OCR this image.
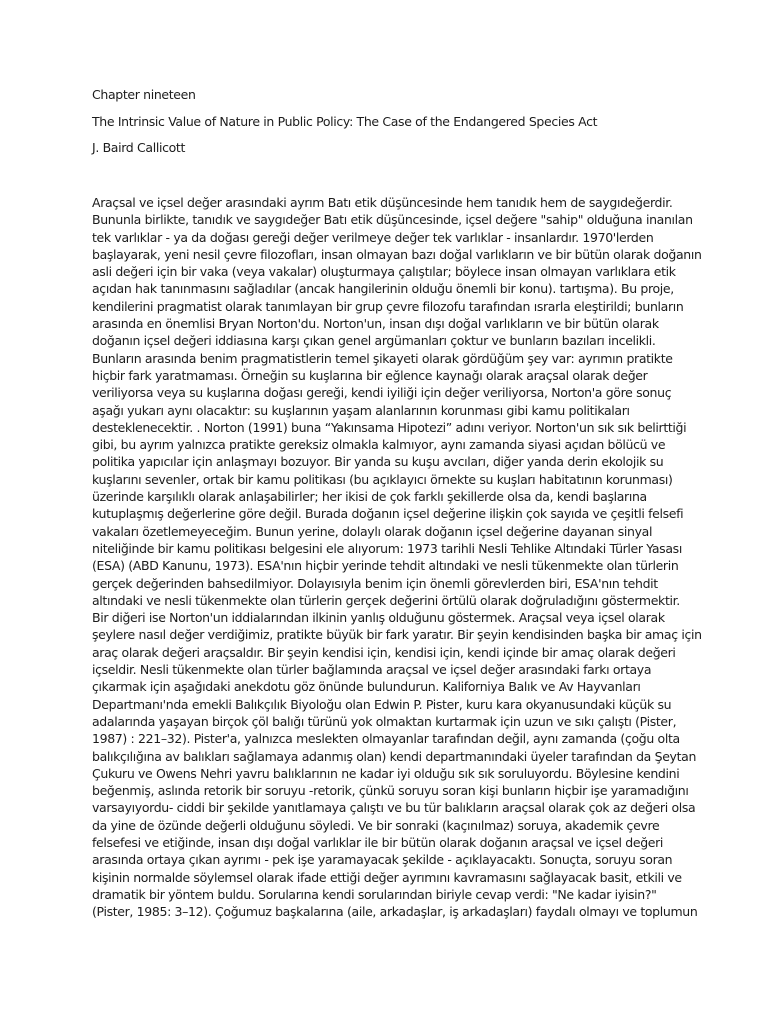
Chapter nineteen
The Intrinsic Value of Nature in Public Policy: The Case of the Endangered Species Act
J. Baird Callicott
Araçsal ve içsel değer arasındaki ayrım Batı etik düşüncesinde hem tanıdık hem de saygıdeğerdir.
Bununla birlikte, tanıdık ve saygıdeğer Batı etik düşüncesinde, içsel değere "sahip" olduğuna inanılan
tek varlıklar - ya da doğası gereği değer verilmeye değer tek varlıklar - insanlardır. 1970'lerden
başlayarak, yeni nesil çevre filozofları, insan olmayan bazı doğal varlıkların ve bir bütün olarak doğanın
asli değeri için bir vaka (veya vakalar) oluşturmaya çalıştılar; böylece insan olmayan varlıklara etik
açıdan hak tanınmasını sağladılar (ancak hangilerinin olduğu önemli bir konu). tartışma). Bu proje,
kendilerini pragmatist olarak tanımlayan bir grup çevre filozofu tarafından ısrarla eleştirildi; bunların
arasında en önemlisi Bryan Norton'du. Norton'un, insan dışı doğal varlıkların ve bir bütün olarak
doğanın içsel değeri iddiasına karşı çıkan genel argümanları çoktur ve bunların bazıları incelikli.
Bunların arasında benim pragmatistlerin temel şikayeti olarak gördüğüm şey var: ayrımın pratikte
hiçbir fark yaratmaması. Örneğin su kuşlarına bir eğlence kaynağı olarak araçsal olarak değer
veriliyorsa veya su kuşlarına doğası gereği, kendi iyiliği için değer veriliyorsa, Norton'a göre sonuç
aşağı yukarı aynı olacaktır: su kuşlarının yaşam alanlarının korunması gibi kamu politikaları
desteklenecektir. . Norton (1991) buna “Yakınsama Hipotezi” adını veriyor. Norton'un sık sık belirttiği
gibi, bu ayrım yalnızca pratikte gereksiz olmakla kalmıyor, aynı zamanda siyasi açıdan bölücü ve
politika yapıcılar için anlaşmayı bozuyor. Bir yanda su kuşu avcıları, diğer yanda derin ekolojik su
kuşlarını sevenler, ortak bir kamu politikası (bu açıklayıcı örnekte su kuşları habitatının korunması)
üzerinde karşılıklı olarak anlaşabilirler; her ikisi de çok farklı şekillerde olsa da, kendi başlarına
kutuplaşmış değerlerine göre değil. Burada doğanın içsel değerine ilişkin çok sayıda ve çeşitli felsefi
vakaları özetlemeyeceğim. Bunun yerine, dolaylı olarak doğanın içsel değerine dayanan sinyal
niteliğinde bir kamu politikası belgesini ele alıyorum: 1973 tarihli Nesli Tehlike Altındaki Türler Yasası
(ESA) (ABD Kanunu, 1973). ESA'nın hiçbir yerinde tehdit altındaki ve nesli tükenmekte olan türlerin
gerçek değerinden bahsedilmiyor. Dolayısıyla benim için önemli görevlerden biri, ESA'nın tehdit
altındaki ve nesli tükenmekte olan türlerin gerçek değerini örtülü olarak doğruladığını göstermektir.
Bir diğeri ise Norton'un iddialarından ilkinin yanlış olduğunu göstermek. Araçsal veya içsel olarak
şeylere nasıl değer verdiğimiz, pratikte büyük bir fark yaratır. Bir şeyin kendisinden başka bir amaç için
araç olarak değeri araçsaldır. Bir şeyin kendisi için, kendisi için, kendi içinde bir amaç olarak değeri
içseldir. Nesli tükenmekte olan türler bağlamında araçsal ve içsel değer arasındaki farkı ortaya
çıkarmak için aşağıdaki anekdotu göz önünde bulundurun. Kaliforniya Balık ve Av Hayvanları
Departmanı'nda emekli Balıkçılık Biyoloğu olan Edwin P. Pister, kuru kara okyanusundaki küçük su
adalarında yaşayan birçok çöl balığı türünü yok olmaktan kurtarmak için uzun ve sıkı çalıştı (Pister,
1987) : 221–32). Pister'a, yalnızca meslekten olmayanlar tarafından değil, aynı zamanda (çoğu olta
balıkçılığına av balıkları sağlamaya adanmış olan) kendi departmanındaki üyeler tarafından da Şeytan
Çukuru ve Owens Nehri yavru balıklarının ne kadar iyi olduğu sık sık soruluyordu. Böylesine kendini
beğenmiş, aslında retorik bir soruyu -retorik, çünkü soruyu soran kişi bunların hiçbir işe yaramadığını
varsayıyordu- ciddi bir şekilde yanıtlamaya çalıştı ve bu tür balıkların araçsal olarak çok az değeri olsa
da yine de özünde değerli olduğunu söyledi. Ve bir sonraki (kaçınılmaz) soruya, akademik çevre
felsefesi ve etiğinde, insan dışı doğal varlıklar ile bir bütün olarak doğanın araçsal ve içsel değeri
arasında ortaya çıkan ayrımı - pek işe yaramayacak şekilde - açıklayacaktı. Sonuçta, soruyu soran
kişinin normalde söylemsel olarak ifade ettiği değer ayrımını kavramasını sağlayacak basit, etkili ve
dramatik bir yöntem buldu. Sorularına kendi sorularından biriyle cevap verdi: "Ne kadar iyisin?"
(Pister, 1985: 3–12). Çoğumuz başkalarına (aile, arkadaşlar, iş arkadaşları) faydalı olmayı ve toplumun
